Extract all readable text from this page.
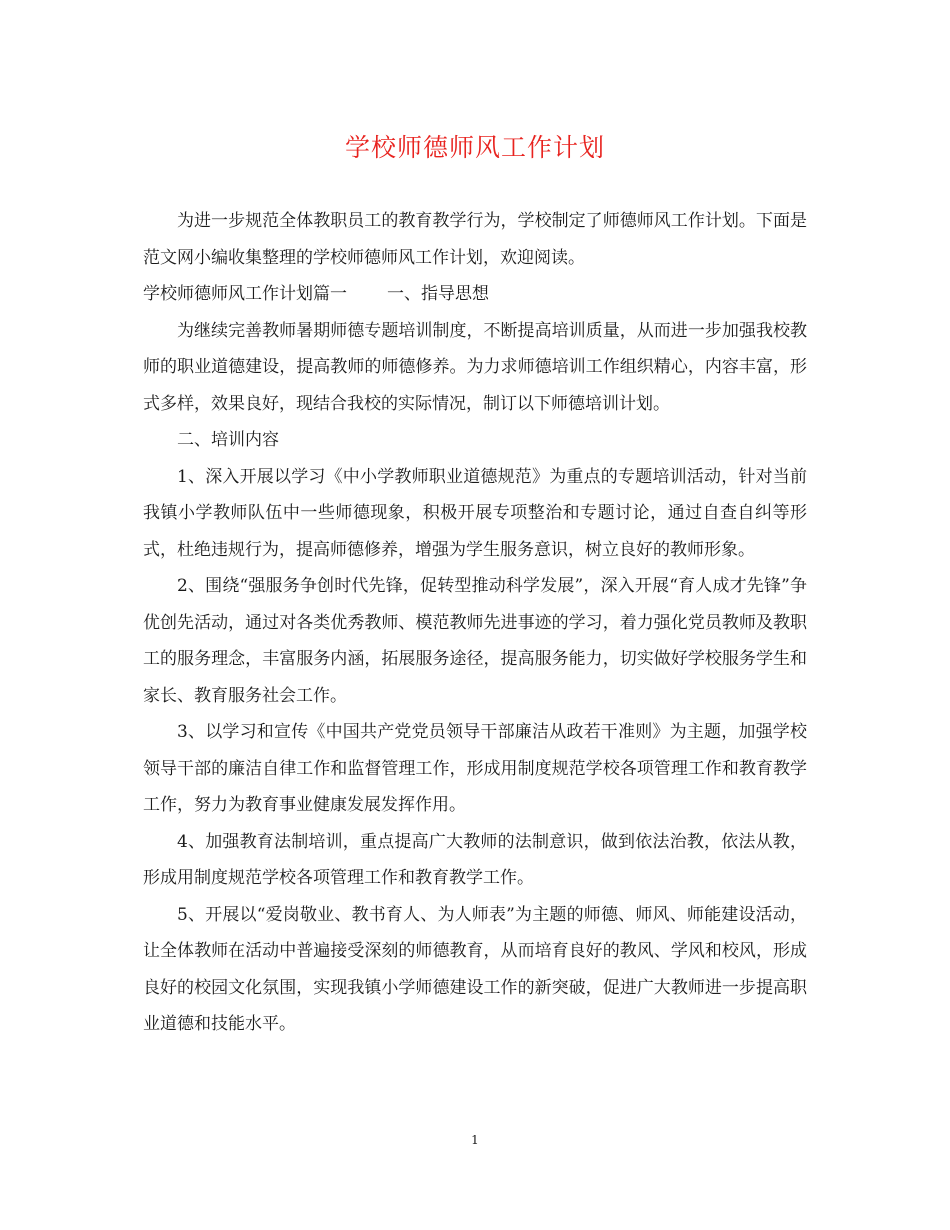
学校师德师风工作计划

为进一步规范全体教职员工的教育教学行为，学校制定了师德师风工作计划。下面是范文网小编收集整理的学校师德师风工作计划，欢迎阅读。

学校师德师风工作计划篇一 一、指导思想

为继续完善教师暑期师德专题培训制度，不断提高培训质量，从而进一步加强我校教师的职业道德建设，提高教师的师德修养。为力求师德培训工作组织精心，内容丰富，形式多样，效果良好，现结合我校的实际情况，制订以下师德培训计划。

二、培训内容

1、深入开展以学习《中小学教师职业道德规范》为重点的专题培训活动，针对当前我镇小学教师队伍中一些师德现象，积极开展专项整治和专题讨论，通过自查自纠等形式，杜绝违规行为，提高师德修养，增强为学生服务意识，树立良好的教师形象。

2、围绕“强服务争创时代先锋，促转型推动科学发展”，深入开展“育人成才先锋”争优创先活动，通过对各类优秀教师、模范教师先进事迹的学习，着力强化党员教师及教职工的服务理念，丰富服务内涵，拓展服务途径，提高服务能力，切实做好学校服务学生和家长、教育服务社会工作。

3、以学习和宣传《中国共产党党员领导干部廉洁从政若干准则》为主题，加强学校领导干部的廉洁自律工作和监督管理工作，形成用制度规范学校各项管理工作和教育教学工作，努力为教育事业健康发展发挥作用。

4、加强教育法制培训，重点提高广大教师的法制意识，做到依法治教，依法从教，形成用制度规范学校各项管理工作和教育教学工作。

5、开展以“爱岗敬业、教书育人、为人师表”为主题的师德、师风、师能建设活动，让全体教师在活动中普遍接受深刻的师德教育，从而培育良好的教风、学风和校风，形成良好的校园文化氛围，实现我镇小学师德建设工作的新突破，促进广大教师进一步提高职业道德和技能水平。

1
